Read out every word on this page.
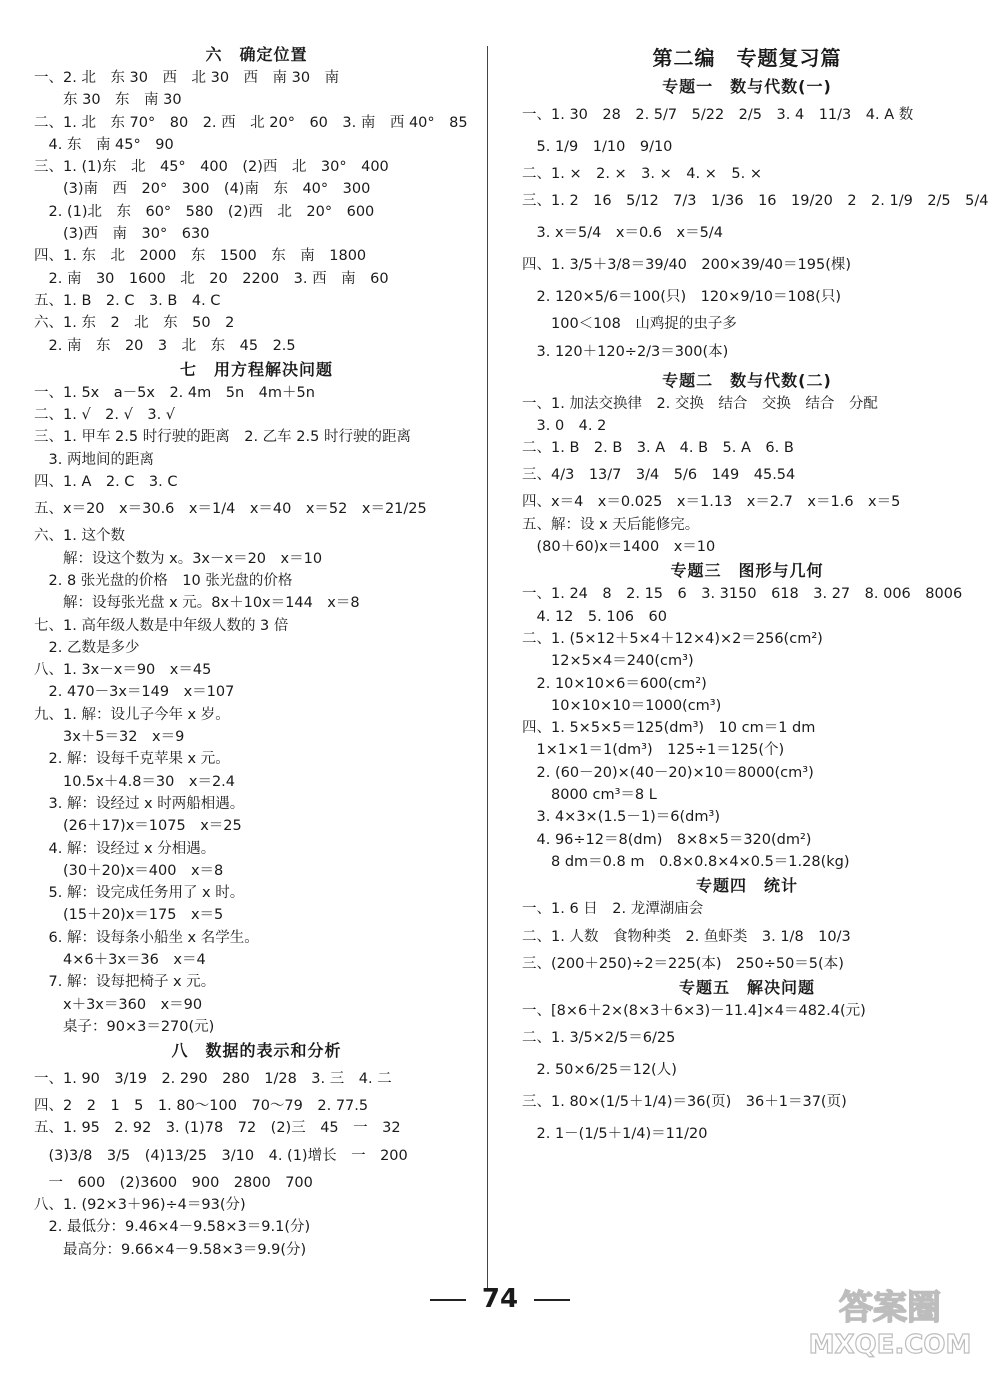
六　确定位置
一、2. 北　东 30　西　北 30　西　南 30　南
　　东 30　东　南 30
二、1. 北　东 70°　80　2. 西　北 20°　60　3. 南　西 40°　85
　4. 东　南 45°　90
三、1. (1)东　北　45°　400　(2)西　北　30°　400
　　(3)南　西　20°　300　(4)南　东　40°　300
　2. (1)北　东　60°　580　(2)西　北　20°　600
　　(3)西　南　30°　630
四、1. 东　北　2000　东　1500　东　南　1800
　2. 南　30　1600　北　20　2200　3. 西　南　60
五、1. B　2. C　3. B　4. C
六、1. 东　2　北　东　50　2
　2. 南　东　20　3　北　东　45　2.5
七　用方程解决问题
一、1. 5x　a－5x　2. 4m　5n　4m＋5n
二、1. √　2. √　3. √
三、1. 甲车 2.5 时行驶的距离　2. 乙车 2.5 时行驶的距离
　3. 两地间的距离
四、1. A　2. C　3. C
五、x＝20　x＝30.6　x＝1/4　x＝40　x＝52　x＝21/25
六、1. 这个数
　　解：设这个数为 x。3x－x＝20　x＝10
　2. 8 张光盘的价格　10 张光盘的价格
　　解：设每张光盘 x 元。8x＋10x＝144　x＝8
七、1. 高年级人数是中年级人数的 3 倍
　2. 乙数是多少
八、1. 3x－x＝90　x＝45
　2. 470－3x＝149　x＝107
九、1. 解：设儿子今年 x 岁。
　　3x＋5＝32　x＝9
　2. 解：设每千克苹果 x 元。
　　10.5x＋4.8＝30　x＝2.4
　3. 解：设经过 x 时两船相遇。
　　(26＋17)x＝1075　x＝25
　4. 解：设经过 x 分相遇。
　　(30＋20)x＝400　x＝8
　5. 解：设完成任务用了 x 时。
　　(15＋20)x＝175　x＝5
　6. 解：设每条小船坐 x 名学生。
　　4×6＋3x＝36　x＝4
　7. 解：设每把椅子 x 元。
　　x＋3x＝360　x＝90
　　桌子：90×3＝270(元)
八　数据的表示和分析
一、1. 90　3/19　2. 290　280　1/28　3. 三　4. 二
四、2　2　1　5　1. 80～100　70～79　2. 77.5
五、1. 95　2. 92　3. (1)78　72　(2)三　45　一　32
　(3)3/8　3/5　(4)13/25　3/10　4. (1)增长　一　200
　一　600　(2)3600　900　2800　700
八、1. (92×3＋96)÷4＝93(分)
　2. 最低分：9.46×4－9.58×3＝9.1(分)
　　最高分：9.66×4－9.58×3＝9.9(分)
第二编　专题复习篇
专题一　数与代数(一)
一、1. 30　28　2. 5/7　5/22　2/5　3. 4　11/3　4. A 数
　5. 1/9　1/10　9/10
二、1. ×　2. ×　3. ×　4. ×　5. ×
三、1. 2　16　5/12　7/3　1/36　16　19/20　2　2. 1/9　2/5　5/4
　3. x＝5/4　x＝0.6　x＝5/4
四、1. 3/5＋3/8＝39/40　200×39/40＝195(棵)
　2. 120×5/6＝100(只)　120×9/10＝108(只)
　　100＜108　山鸡捉的虫子多
　3. 120＋120÷2/3＝300(本)
专题二　数与代数(二)
一、1. 加法交换律　2. 交换　结合　交换　结合　分配
　3. 0　4. 2
二、1. B　2. B　3. A　4. B　5. A　6. B
三、4/3　13/7　3/4　5/6　149　45.54
四、x＝4　x＝0.025　x＝1.13　x＝2.7　x＝1.6　x＝5
五、解：设 x 天后能修完。
　(80＋60)x＝1400　x＝10
专题三　图形与几何
一、1. 24　8　2. 15　6　3. 3150　618　3. 27　8. 006　8006
　4. 12　5. 106　60
二、1. (5×12＋5×4＋12×4)×2＝256(cm²)
　　12×5×4＝240(cm³)
　2. 10×10×6＝600(cm²)
　　10×10×10＝1000(cm³)
四、1. 5×5×5＝125(dm³)　10 cm＝1 dm
　1×1×1＝1(dm³)　125÷1＝125(个)
　2. (60－20)×(40－20)×10＝8000(cm³)
　　8000 cm³＝8 L
　3. 4×3×(1.5－1)＝6(dm³)
　4. 96÷12＝8(dm)　8×8×5＝320(dm²)
　　8 dm＝0.8 m　0.8×0.8×4×0.5＝1.28(kg)
专题四　统计
一、1. 6 日　2. 龙潭湖庙会
二、1. 人数　食物种类　2. 鱼虾类　3. 1/8　10/3
三、(200＋250)÷2＝225(本)　250÷50＝5(本)
专题五　解决问题
一、[8×6＋2×(8×3＋6×3)－11.4]×4＝482.4(元)
二、1. 3/5×2/5＝6/25
　2. 50×6/25＝12(人)
三、1. 80×(1/5＋1/4)＝36(页)　36＋1＝37(页)
　2. 1－(1/5＋1/4)＝11/20
74	答案圈
MXQE.COM
